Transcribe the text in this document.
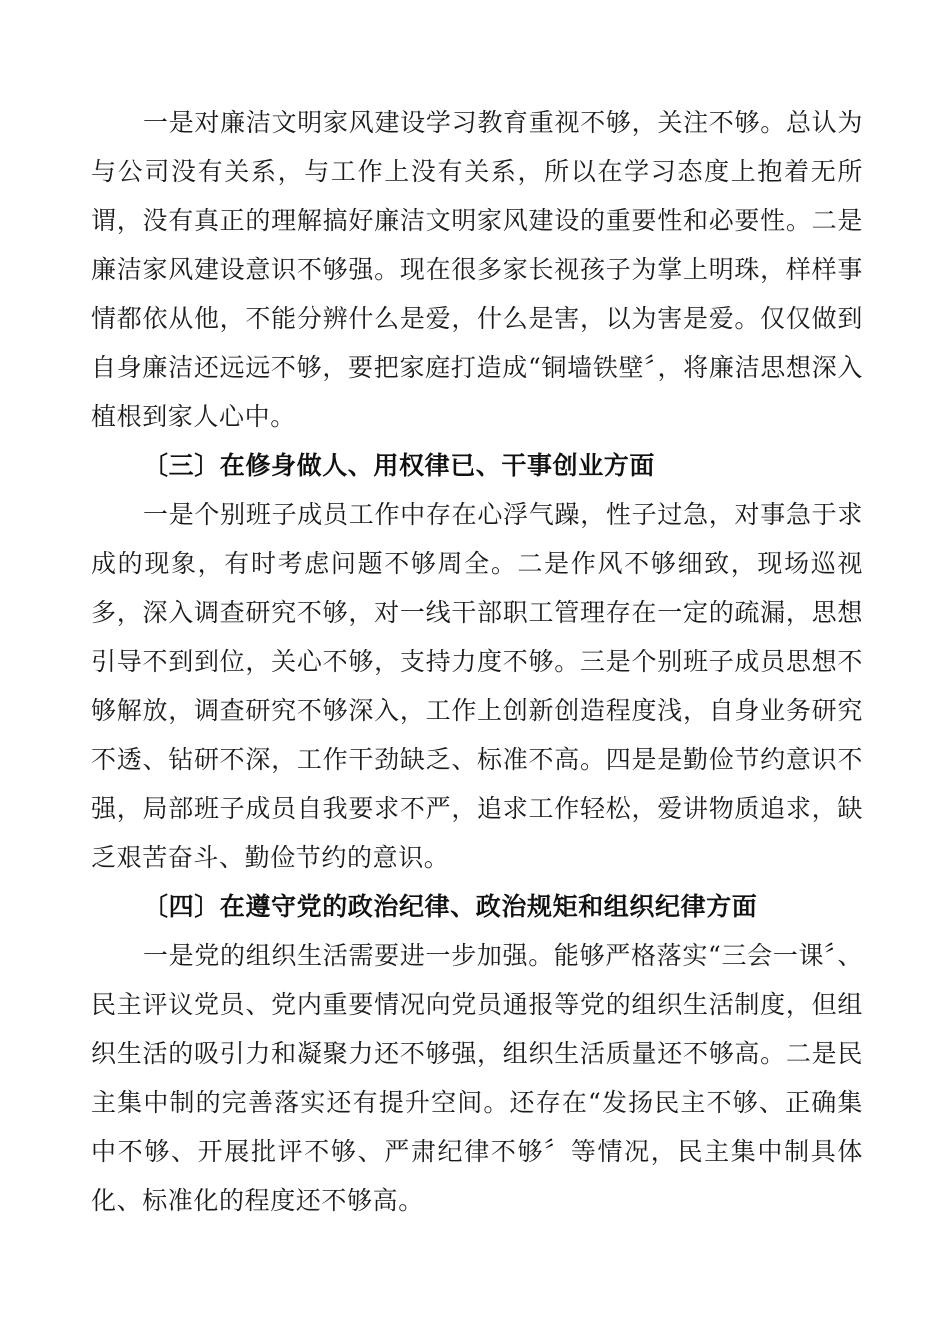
一是对廉洁文明家风建设学习教育重视不够，关注不够。总认为与公司没有关系，与工作上没有关系，所以在学习态度上抱着无所谓，没有真正的理解搞好廉洁文明家风建设的重要性和必要性。二是廉洁家风建设意识不够强。现在很多家长视孩子为掌上明珠，样样事情都依从他，不能分辨什么是爱，什么是害，以为害是爱。仅仅做到自身廉洁还远远不够，要把家庭打造成“铜墙铁壁〞，将廉洁思想深入植根到家人心中。

〔三〕在修身做人、用权律已、干事创业方面

一是个别班子成员工作中存在心浮气躁，性子过急，对事急于求成的现象，有时考虑问题不够周全。二是作风不够细致，现场巡视多，深入调查研究不够，对一线干部职工管理存在一定的疏漏，思想引导不到到位，关心不够，支持力度不够。三是个别班子成员思想不够解放，调查研究不够深入，工作上创新创造程度浅，自身业务研究不透、钻研不深，工作干劲缺乏、标准不高。四是是勤俭节约意识不强，局部班子成员自我要求不严，追求工作轻松，爱讲物质追求，缺乏艰苦奋斗、勤俭节约的意识。

〔四〕在遵守党的政治纪律、政治规矩和组织纪律方面

一是党的组织生活需要进一步加强。能够严格落实“三会一课〞、民主评议党员、党内重要情况向党员通报等党的组织生活制度，但组织生活的吸引力和凝聚力还不够强，组织生活质量还不够高。二是民主集中制的完善落实还有提升空间。还存在“发扬民主不够、正确集中不够、开展批评不够、严肃纪律不够〞等情况，民主集中制具体化、标准化的程度还不够高。
